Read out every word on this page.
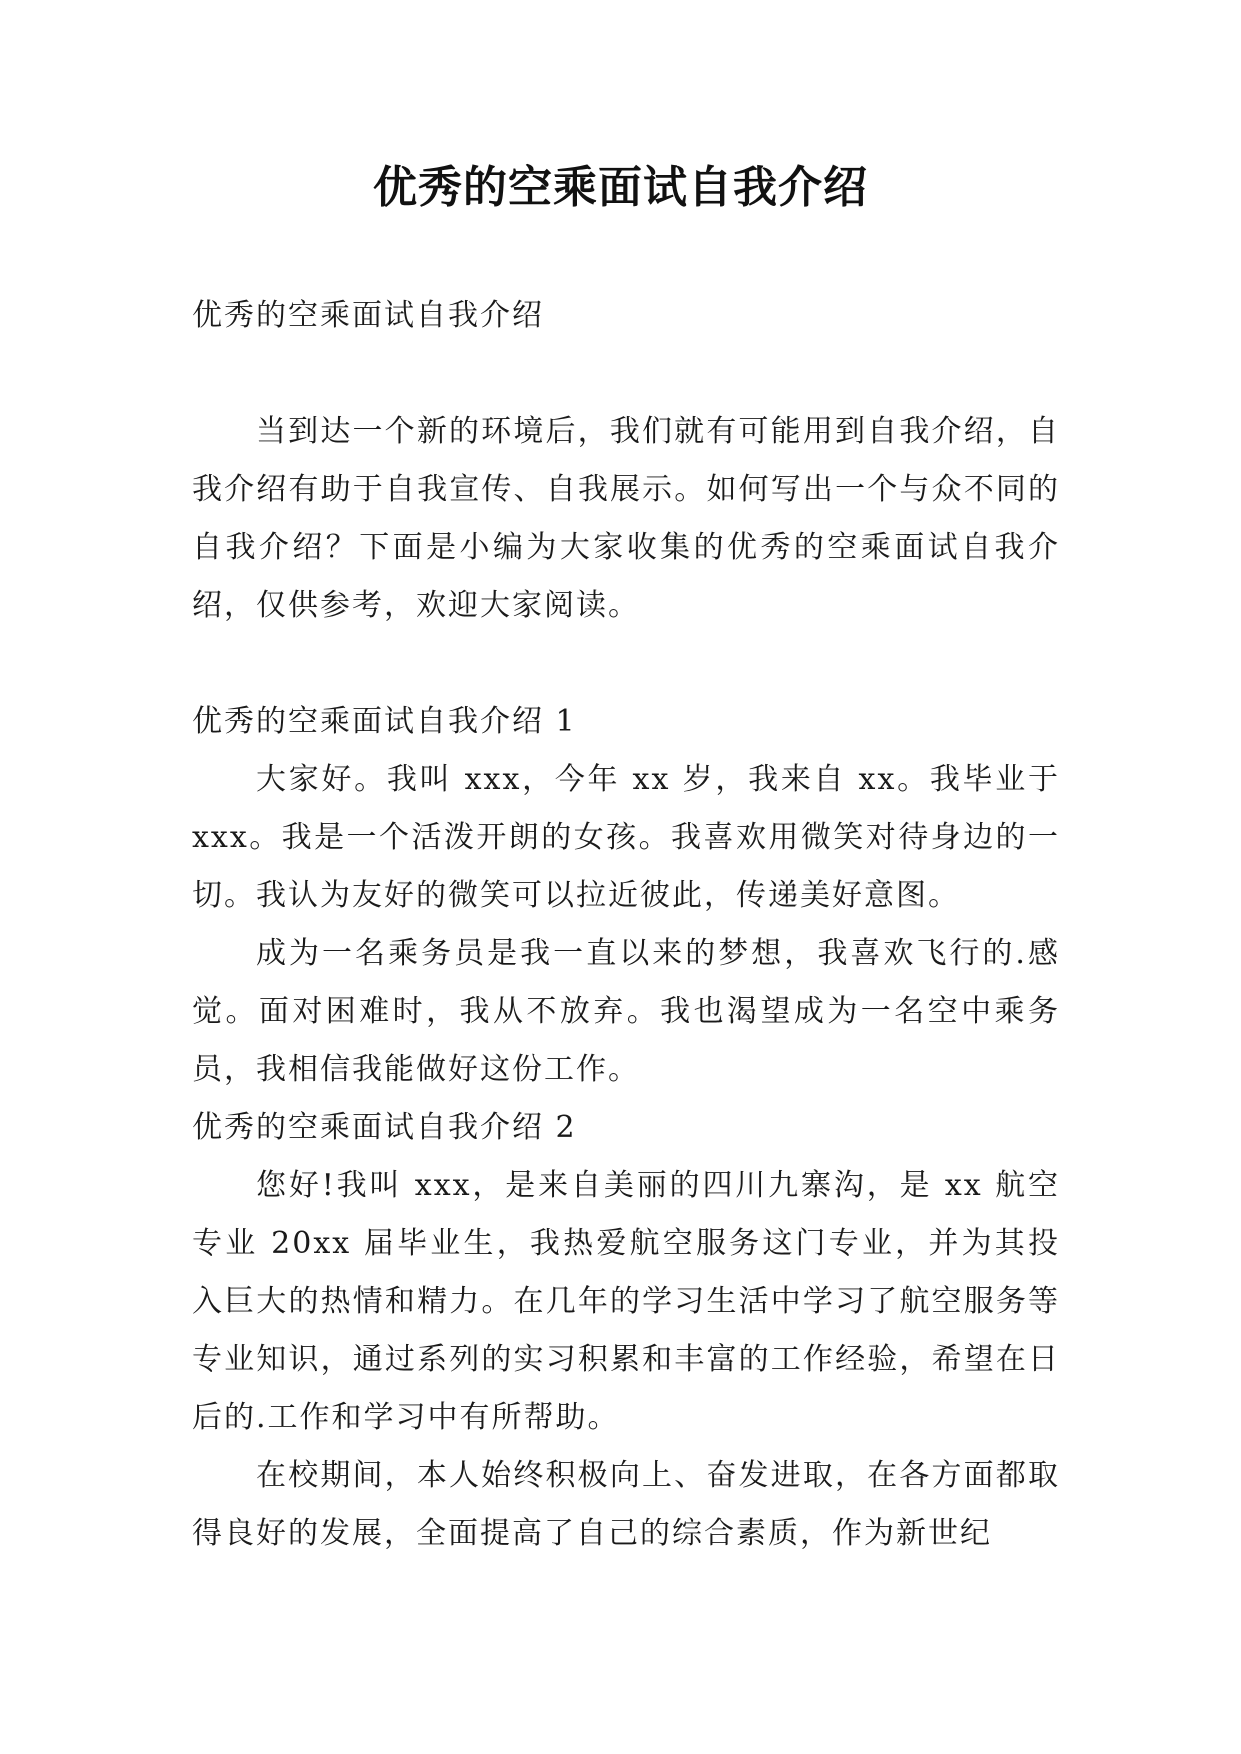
优秀的空乘面试自我介绍

优秀的空乘面试自我介绍

当到达一个新的环境后，我们就有可能用到自我介绍，自我介绍有助于自我宣传、自我展示。如何写出一个与众不同的自我介绍？下面是小编为大家收集的优秀的空乘面试自我介绍，仅供参考，欢迎大家阅读。

优秀的空乘面试自我介绍 1

大家好。我叫 xxx，今年 xx 岁，我来自 xx。我毕业于 xxx。我是一个活泼开朗的女孩。我喜欢用微笑对待身边的一切。我认为友好的微笑可以拉近彼此，传递美好意图。

成为一名乘务员是我一直以来的梦想，我喜欢飞行的.感觉。面对困难时，我从不放弃。我也渴望成为一名空中乘务员，我相信我能做好这份工作。

优秀的空乘面试自我介绍 2

您好!我叫 xxx，是来自美丽的四川九寨沟，是 xx 航空专业 20xx 届毕业生，我热爱航空服务这门专业，并为其投入巨大的热情和精力。在几年的学习生活中学习了航空服务等专业知识，通过系列的实习积累和丰富的工作经验，希望在日后的.工作和学习中有所帮助。

在校期间，本人始终积极向上、奋发进取，在各方面都取得良好的发展，全面提高了自己的综合素质，作为新世纪
